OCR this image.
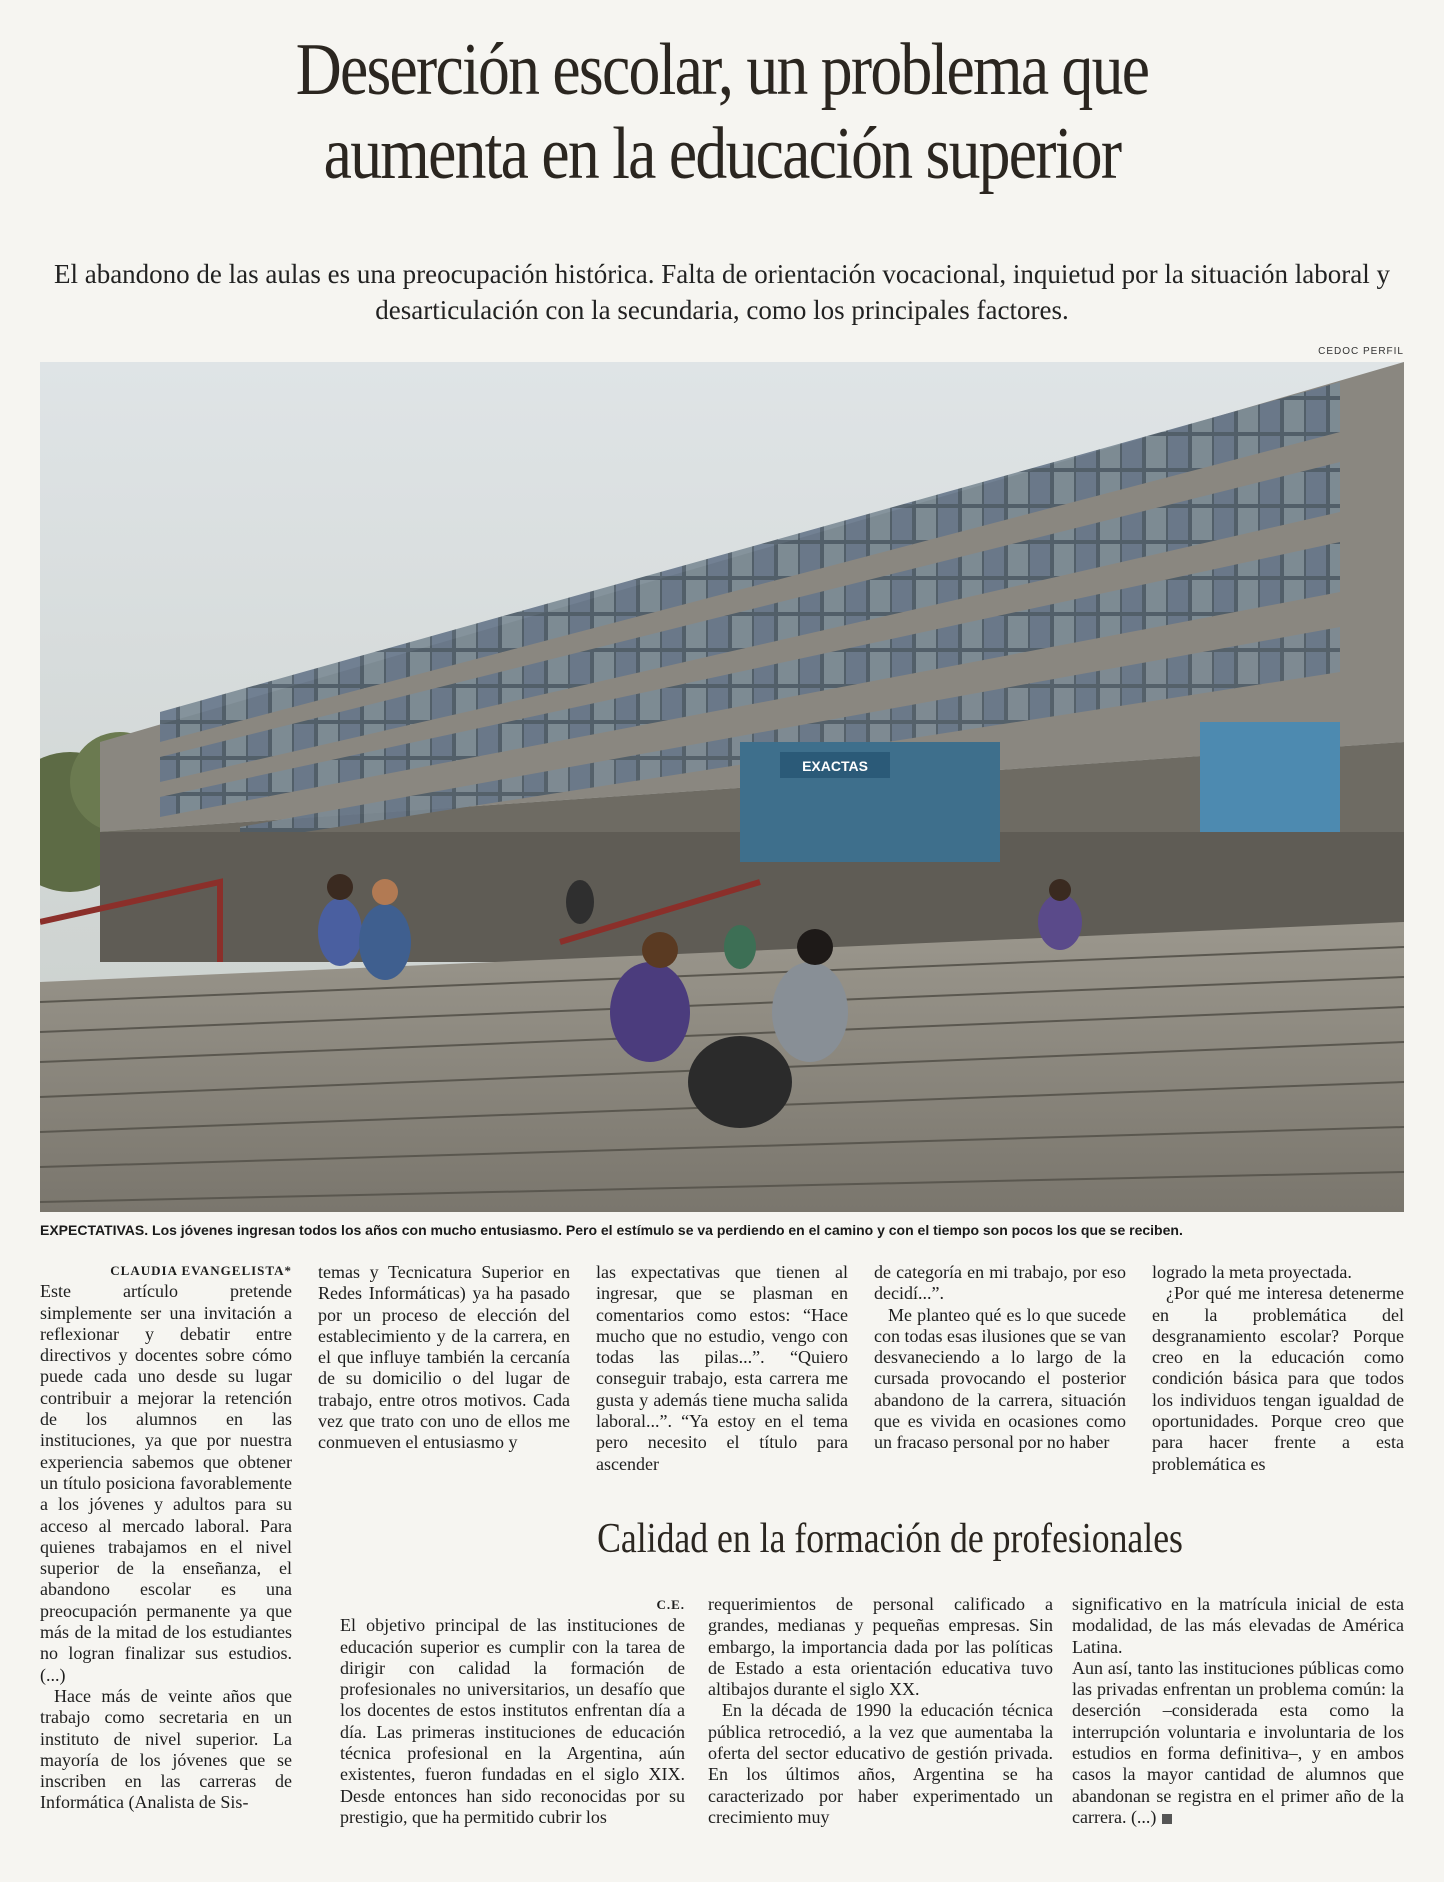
Deserción escolar, un problema que
aumenta en la educación superior
El abandono de las aulas es una preocupación histórica. Falta de orientación vocacional, inquietud por la situación laboral y desarticulación con la secundaria, como los principales factores.
CEDOC PERFIL
EXACTAS
EXPECTATIVAS. Los jóvenes ingresan todos los años con mucho entusiasmo. Pero el estímulo se va perdiendo en el camino y con el tiempo son pocos los que se reciben.

CLAUDIA EVANGELISTA*

Este artículo pretende simplemente ser una invitación a reflexionar y debatir entre directivos y docentes sobre cómo puede cada uno desde su lugar contribuir a mejorar la retención de los alumnos en las instituciones, ya que por nuestra experiencia sabemos que obtener un título posiciona favorablemente a los jóvenes y adultos para su acceso al mercado laboral. Para quienes trabajamos en el nivel superior de la enseñanza, el abandono escolar es una preocupación permanente ya que más de la mitad de los estudiantes no logran finalizar sus estudios. (...)

Hace más de veinte años que trabajo como secretaria en un instituto de nivel superior. La mayoría de los jóvenes que se inscriben en las carreras de Informática (Analista de Sis-

temas y Tecnicatura Superior en Redes Informáticas) ya ha pasado por un proceso de elección del establecimiento y de la carrera, en el que influye también la cercanía de su domicilio o del lugar de trabajo, entre otros motivos. Cada vez que trato con uno de ellos me conmueven el entusiasmo y

las expectativas que tienen al ingresar, que se plasman en comentarios como estos: “Hace mucho que no estudio, vengo con todas las pilas...”. “Quiero conseguir trabajo, esta carrera me gusta y además tiene mucha salida laboral...”. “Ya estoy en el tema pero necesito el título para ascender

de categoría en mi trabajo, por eso decidí...”.

Me planteo qué es lo que sucede con todas esas ilusiones que se van desvaneciendo a lo largo de la cursada provocando el posterior abandono de la carrera, situación que es vivida en ocasiones como un fracaso personal por no haber

logrado la meta proyectada.

¿Por qué me interesa detenerme en la problemática del desgranamiento escolar? Porque creo en la educación como condición básica para que todos los individuos tengan igualdad de oportunidades. Porque creo que para hacer frente a esta problemática es

Calidad en la formación de profesionales

C.E.

El objetivo principal de las instituciones de educación superior es cumplir con la tarea de dirigir con calidad la formación de profesionales no universitarios, un desafío que los docentes de estos institutos enfrentan día a día. Las primeras instituciones de educación técnica profesional en la Argentina, aún existentes, fueron fundadas en el siglo XIX. Desde entonces han sido reconocidas por su prestigio, que ha permitido cubrir los

requerimientos de personal calificado a grandes, medianas y pequeñas empresas. Sin embargo, la importancia dada por las políticas de Estado a esta orientación educativa tuvo altibajos durante el siglo XX.

En la década de 1990 la educación técnica pública retrocedió, a la vez que aumentaba la oferta del sector educativo de gestión privada. En los últimos años, Argentina se ha caracterizado por haber experimentado un crecimiento muy

significativo en la matrícula inicial de esta modalidad, de las más elevadas de América Latina.

Aun así, tanto las instituciones públicas como las privadas enfrentan un problema común: la deserción –considerada esta como la interrupción voluntaria e involuntaria de los estudios en forma definitiva–, y en ambos casos la mayor cantidad de alumnos que abandonan se registra en el primer año de la carrera. (...)
